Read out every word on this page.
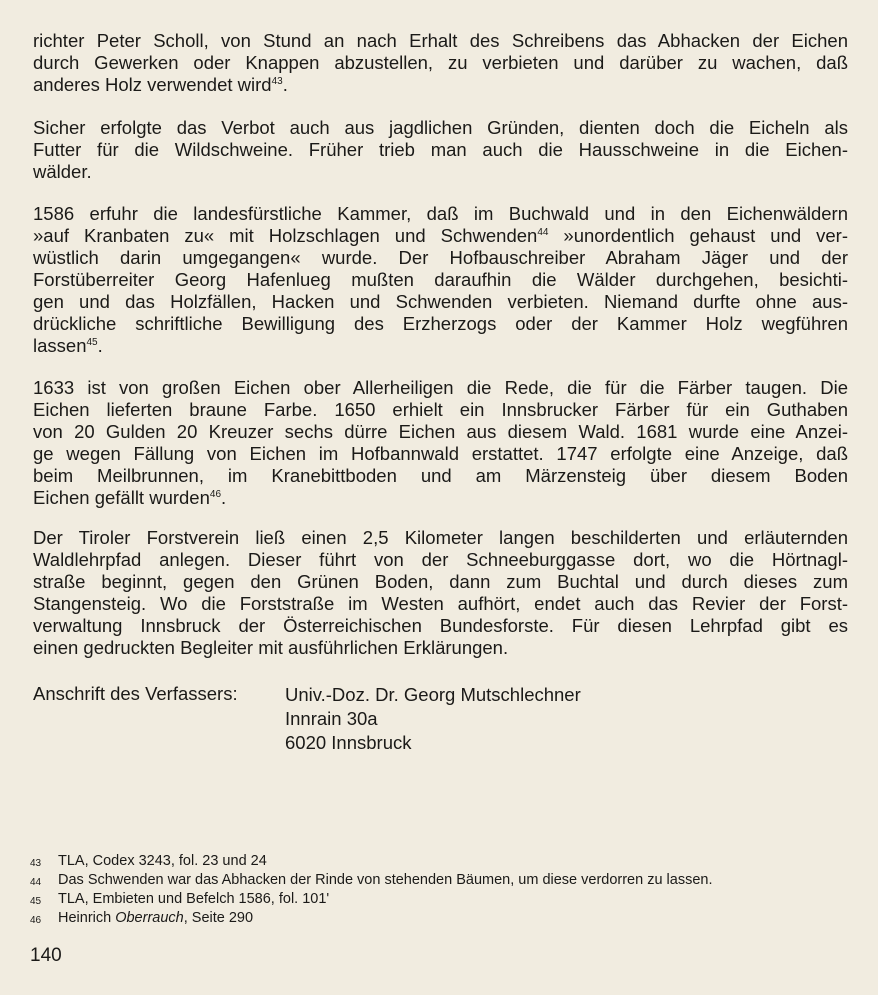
richter Peter Scholl, von Stund an nach Erhalt des Schreibens das Abhacken der Eichen
durch Gewerken oder Knappen abzustellen, zu verbieten und darüber zu wachen, daß
anderes Holz verwendet wird$^{43}$.

Sicher erfolgte das Verbot auch aus jagdlichen Gründen, dienten doch die Eicheln als
Futter für die Wildschweine. Früher trieb man auch die Hausschweine in die Eichen-
wälder.

1586 erfuhr die landesfürstliche Kammer, daß im Buchwald und in den Eichenwäldern
»auf Kranbaten zu« mit Holzschlagen und Schwenden$^{44}$ »unordentlich gehaust und ver-
wüstlich darin umgegangen« wurde. Der Hofbauschreiber Abraham Jäger und der
Forstüberreiter Georg Hafenlueg mußten daraufhin die Wälder durchgehen, besichti-
gen und das Holzfällen, Hacken und Schwenden verbieten. Niemand durfte ohne aus-
drückliche schriftliche Bewilligung des Erzherzogs oder der Kammer Holz wegführen
lassen$^{45}$.

1633 ist von großen Eichen ober Allerheiligen die Rede, die für die Färber taugen. Die
Eichen lieferten braune Farbe. 1650 erhielt ein Innsbrucker Färber für ein Guthaben
von 20 Gulden 20 Kreuzer sechs dürre Eichen aus diesem Wald. 1681 wurde eine Anzei-
ge wegen Fällung von Eichen im Hofbannwald erstattet. 1747 erfolgte eine Anzeige, daß
beim Meilbrunnen, im Kranebittboden und am Märzensteig über diesem Boden
Eichen gefällt wurden$^{46}$.

Der Tiroler Forstverein ließ einen 2,5 Kilometer langen beschilderten und erläuternden
Waldlehrpfad anlegen. Dieser führt von der Schneeburggasse dort, wo die Hörtnagl-
straße beginnt, gegen den Grünen Boden, dann zum Buchtal und durch dieses zum
Stangensteig. Wo die Forststraße im Westen aufhört, endet auch das Revier der Forst-
verwaltung Innsbruck der Österreichischen Bundesforste. Für diesen Lehrpfad gibt es
einen gedruckten Begleiter mit ausführlichen Erklärungen.

Anschrift des Verfassers:	Univ.-Doz. Dr. Georg Mutschlechner
Innrain 30a
6020 Innsbruck
43	TLA, Codex 3243, fol. 23 und 24
44	Das Schwenden war das Abhacken der Rinde von stehenden Bäumen, um diese verdorren zu lassen.
45	TLA, Embieten und Befelch 1586, fol. 101'
46	Heinrich Oberrauch, Seite 290
140
